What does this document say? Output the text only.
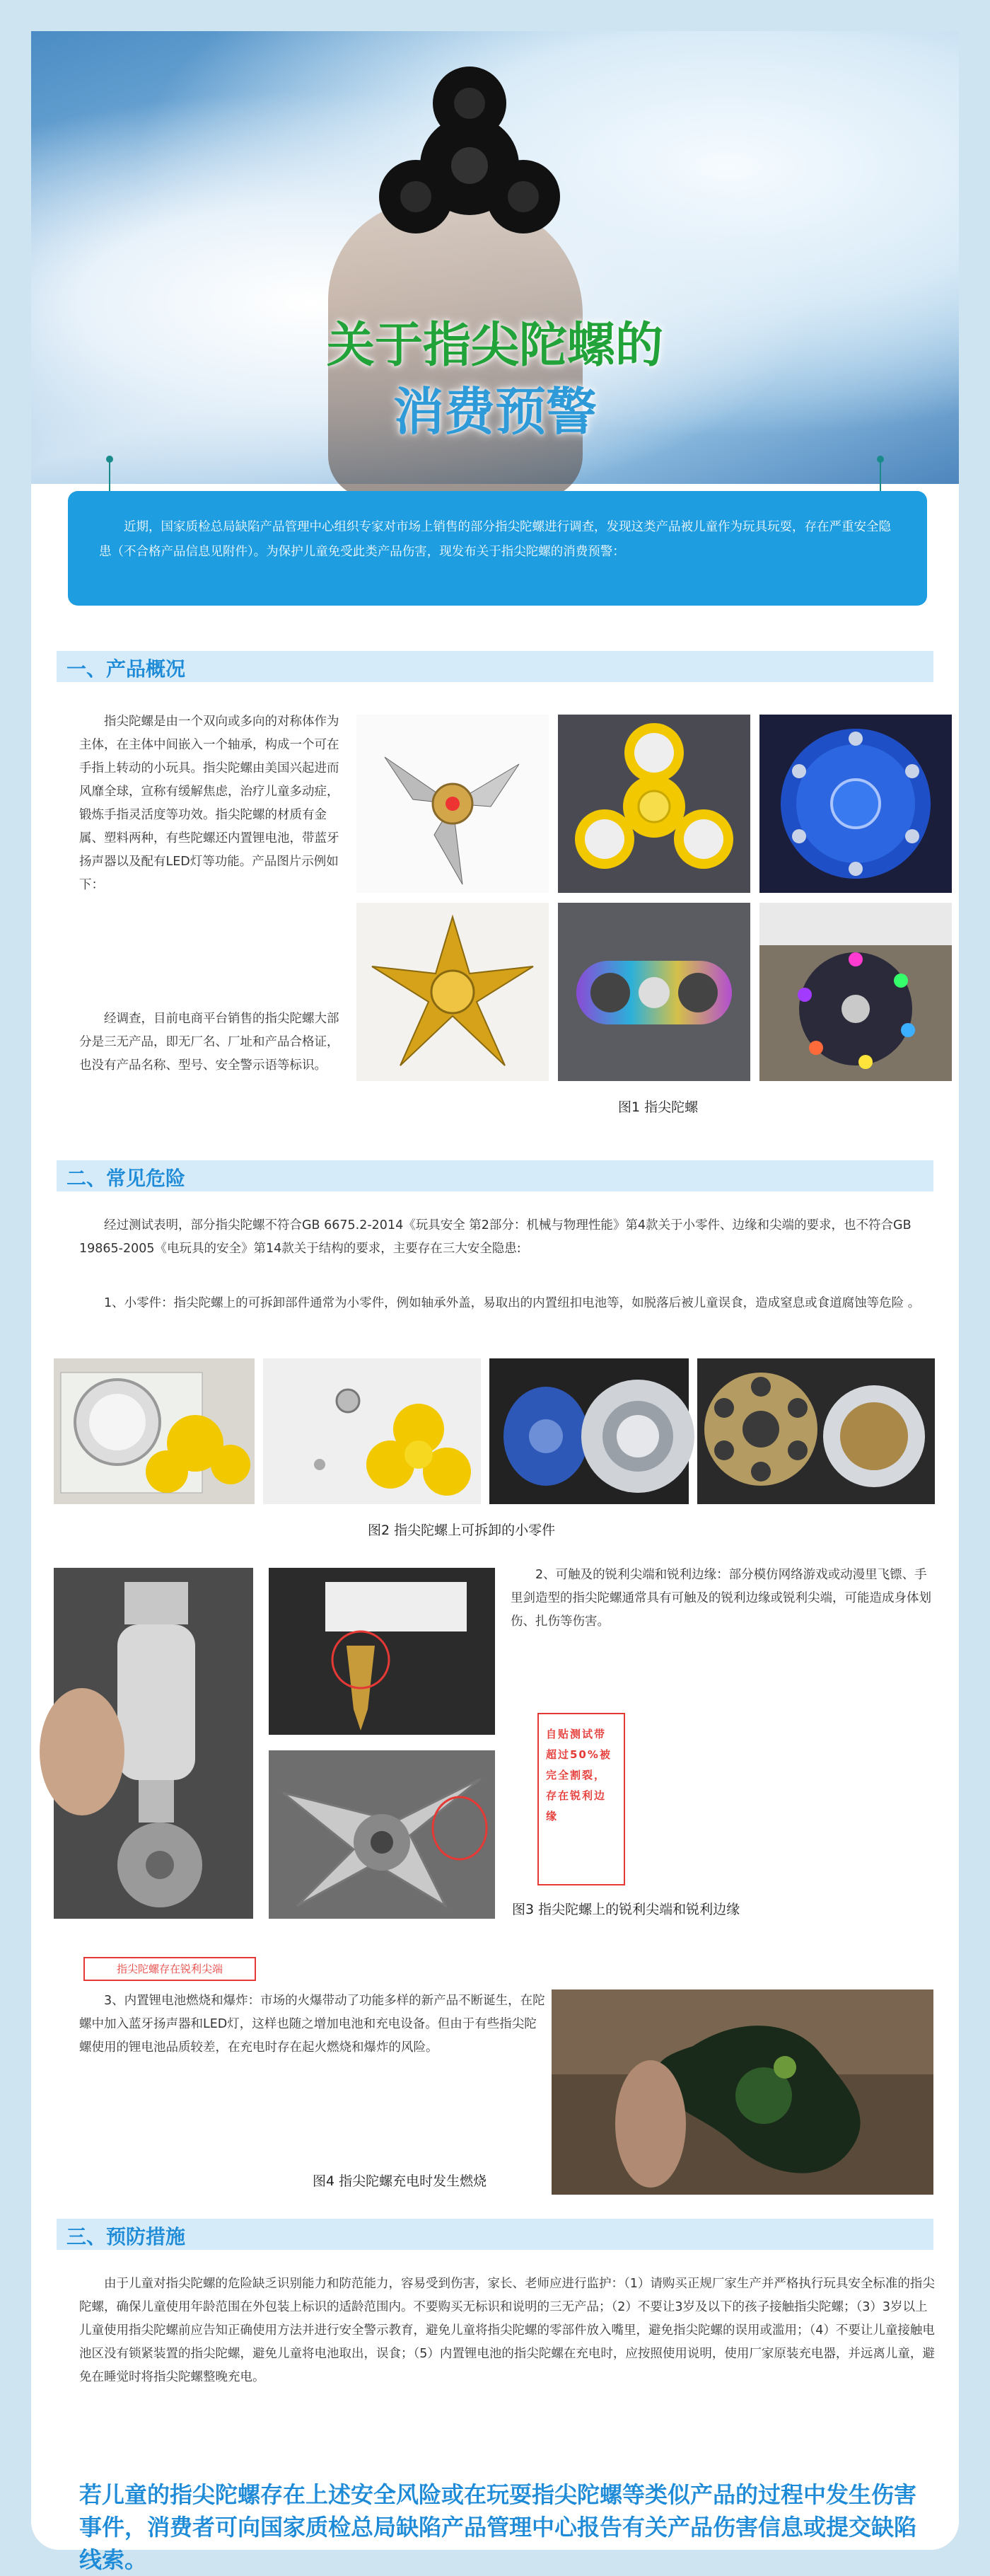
关于指尖陀螺的
消费预警

近期，国家质检总局缺陷产品管理中心组织专家对市场上销售的部分指尖陀螺进行调查，发现这类产品被儿童作为玩具玩耍，存在严重安全隐患（不合格产品信息见附件）。为保护儿童免受此类产品伤害，现发布关于指尖陀螺的消费预警：

一、产品概况
指尖陀螺是由一个双向或多向的对称体作为主体，在主体中间嵌入一个轴承，构成一个可在手指上转动的小玩具。指尖陀螺由美国兴起进而风靡全球，宣称有缓解焦虑，治疗儿童多动症，锻炼手指灵活度等功效。指尖陀螺的材质有金属、塑料两种，有些陀螺还内置锂电池，带蓝牙扬声器以及配有LED灯等功能。产品图片示例如下：
经调查，目前电商平台销售的指尖陀螺大部分是三无产品，即无厂名、厂址和产品合格证，也没有产品名称、型号、安全警示语等标识。
图1 指尖陀螺
二、常见危险
经过测试表明，部分指尖陀螺不符合GB 6675.2-2014《玩具安全 第2部分：机械与物理性能》第4款关于小零件、边缘和尖端的要求，也不符合GB 19865-2005《电玩具的安全》第14款关于结构的要求，主要存在三大安全隐患:
1、小零件：指尖陀螺上的可拆卸部件通常为小零件，例如轴承外盖，易取出的内置纽扣电池等，如脱落后被儿童误食，造成窒息或食道腐蚀等危险 。
图2 指尖陀螺上可拆卸的小零件
2、可触及的锐利尖端和锐利边缘：部分模仿网络游戏或动漫里飞镖、手里剑造型的指尖陀螺通常具有可触及的锐利边缘或锐利尖端，可能造成身体划伤、扎伤等伤害。
自贴测试带超过50%被完全割裂，存在锐利边缘
指尖陀螺存在锐利尖端
图3 指尖陀螺上的锐利尖端和锐利边缘
3、内置锂电池燃烧和爆炸：市场的火爆带动了功能多样的新产品不断诞生，在陀螺中加入蓝牙扬声器和LED灯，这样也随之增加电池和充电设备。但由于有些指尖陀螺使用的锂电池品质较差，在充电时存在起火燃烧和爆炸的风险。
图4 指尖陀螺充电时发生燃烧
三、预防措施
由于儿童对指尖陀螺的危险缺乏识别能力和防范能力，容易受到伤害，家长、老师应进行监护：（1）请购买正规厂家生产并严格执行玩具安全标准的指尖陀螺，确保儿童使用年龄范围在外包装上标识的适龄范围内。不要购买无标识和说明的三无产品；（2）不要让3岁及以下的孩子接触指尖陀螺；（3）3岁以上儿童使用指尖陀螺前应告知正确使用方法并进行安全警示教育，避免儿童将指尖陀螺的零部件放入嘴里，避免指尖陀螺的误用或滥用；（4）不要让儿童接触电池区没有锁紧装置的指尖陀螺，避免儿童将电池取出，误食；（5）内置锂电池的指尖陀螺在充电时，应按照使用说明，使用厂家原装充电器，并远离儿童，避免在睡觉时将指尖陀螺整晚充电。
若儿童的指尖陀螺存在上述安全风险或在玩耍指尖陀螺等类似产品的过程中发生伤害事件，消费者可向国家质检总局缺陷产品管理中心报告有关产品伤害信息或提交缺陷线索。
